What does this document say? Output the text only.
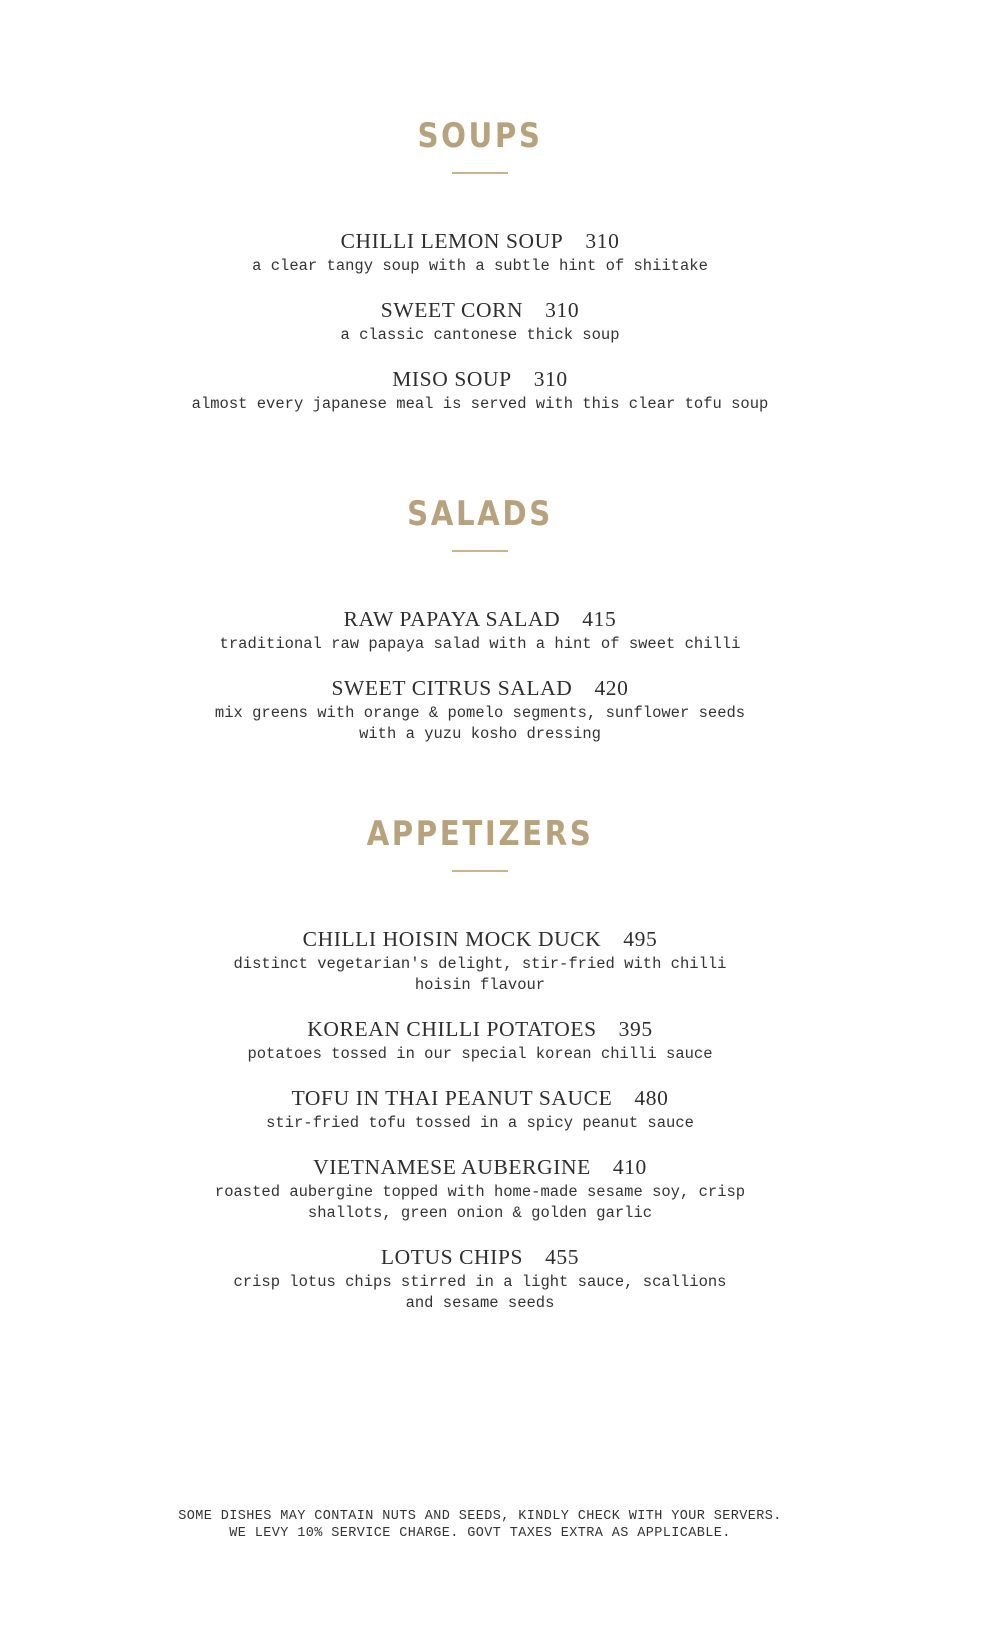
SOUPS
CHILLI LEMON SOUP 310
a clear tangy soup with a subtle hint of shiitake
SWEET CORN 310
a classic cantonese thick soup
MISO SOUP 310
almost every japanese meal is served with this clear tofu soup
SALADS
RAW PAPAYA SALAD 415
traditional raw papaya salad with a hint of sweet chilli
SWEET CITRUS SALAD 420
mix greens with orange & pomelo segments, sunflower seeds
with a yuzu kosho dressing
APPETIZERS
CHILLI HOISIN MOCK DUCK 495
distinct vegetarian's delight, stir-fried with chilli
hoisin flavour
KOREAN CHILLI POTATOES 395
potatoes tossed in our special korean chilli sauce
TOFU IN THAI PEANUT SAUCE 480
stir-fried tofu tossed in a spicy peanut sauce
VIETNAMESE AUBERGINE 410
roasted aubergine topped with home-made sesame soy, crisp
shallots, green onion & golden garlic
LOTUS CHIPS 455
crisp lotus chips stirred in a light sauce, scallions
and sesame seeds
SOME DISHES MAY CONTAIN NUTS AND SEEDS, KINDLY CHECK WITH YOUR SERVERS.
WE LEVY 10% SERVICE CHARGE. GOVT TAXES EXTRA AS APPLICABLE.
